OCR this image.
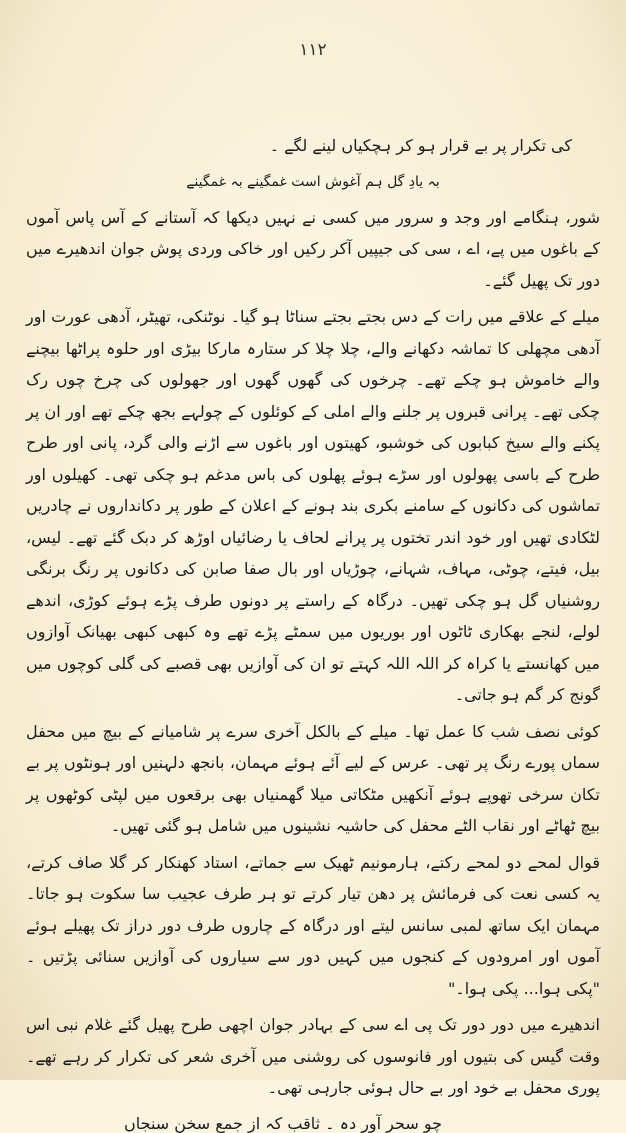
۱۱۲

کی تکرار پر بے قرار ہو کر ہچکیاں لینے لگے ۔

بہ یادِ گل ہم آغوش است غمگینے بہ غمگینے

شور، ہنگامے اور وجد و سرور میں کسی نے نہیں دیکھا کہ آستانے کے آس پاس آموں کے باغوں میں پے، اے ، سی کی جیپیں آکر رکیں اور خاکی وردی پوش جوان اندھیرے میں دور تک پھیل گئے۔

میلے کے علاقے میں رات کے دس بجتے بجتے سناٹا ہو گیا۔ نوٹنکی، تھیٹر، آدھی عورت اور آدھی مچھلی کا تماشہ دکھانے والے، چلا چلا کر ستارہ مارکا بیڑی اور حلوہ پراٹھا بیچنے والے خاموش ہو چکے تھے۔ چرخوں کی گھوں گھوں اور جھولوں کی چرخ چوں رک چکی تھے۔ پرانی قبروں پر جلنے والے املی کے کوئلوں کے چولہے بجھ چکے تھے اور ان پر پکنے والے سیخ کبابوں کی خوشبو، کھیتوں اور باغوں سے اڑنے والی گرد، پانی اور طرح طرح کے باسی پھولوں اور سڑے ہوئے پھلوں کی باس مدغم ہو چکی تھی۔ کھیلوں اور تماشوں کی دکانوں کے سامنے بکری بند ہونے کے اعلان کے طور پر دکانداروں نے چادریں لٹکادی تھیں اور خود اندر تختوں پر پرانے لحاف یا رضائیاں اوڑھ کر دبک گئے تھے۔ لیس، بیل، فیتے، چوٹی، مہاف، شہانے، چوڑیاں اور بال صفا صابن کی دکانوں پر رنگ برنگی روشنیاں گل ہو چکی تھیں۔ درگاہ کے راستے پر دونوں طرف پڑے ہوئے کوڑی، اندھے لولے، لنجے بھکاری ٹاٹوں اور بوریوں میں سمٹے پڑے تھے وہ کبھی کبھی بھیانک آوازوں میں کھانستے یا کراہ کر اللہ اللہ کہتے تو ان کی آوازیں بھی قصبے کی گلی کوچوں میں گونج کر گم ہو جاتی۔

کوئی نصف شب کا عمل تھا۔ میلے کے بالکل آخری سرے پر شامیانے کے بیچ میں محفل سماں پورے رنگ پر تھی۔ عرس کے لیے آئے ہوئے مہمان، بانجھ دلہنیں اور ہونٹوں پر بے تکان سرخی تھوپے ہوئے آنکھیں مٹکاتی میلا گھمنیاں بھی برقعوں میں لپٹی کوٹھوں پر بیچ ٹھاٹے اور نقاب الٹے محفل کی حاشیہ نشینوں میں شامل ہو گئی تھیں۔

قوال لمحے دو لمحے رکتے، ہارمونیم ٹھیک سے جماتے، استاد کھنکار کر گلا صاف کرتے، یہ کسی نعت کی فرمائش پر دھن تیار کرتے تو ہر طرف عجیب سا سکوت ہو جاتا۔ مہمان ایک ساتھ لمبی سانس لیتے اور درگاہ کے چاروں طرف دور دراز تک پھیلے ہوئے آموں اور امرودوں کے کنجوں میں کہیں دور سے سیاروں کی آوازیں سنائی پڑتیں ۔ "پکی ہوا... پکی ہوا۔"

اندھیرے میں دور دور تک پی اے سی کے بہادر جوان اچھی طرح پھیل گئے غلام نبی اس وقت گیس کی بتیوں اور فانوسوں کی روشنی میں آخری شعر کی تکرار کر رہے تھے۔ پوری محفل بے خود اور بے حال ہوئی جارہی تھی۔

چو سحر آور دہ ۔ ثاقب کہ از جمع سخن سنجاں
